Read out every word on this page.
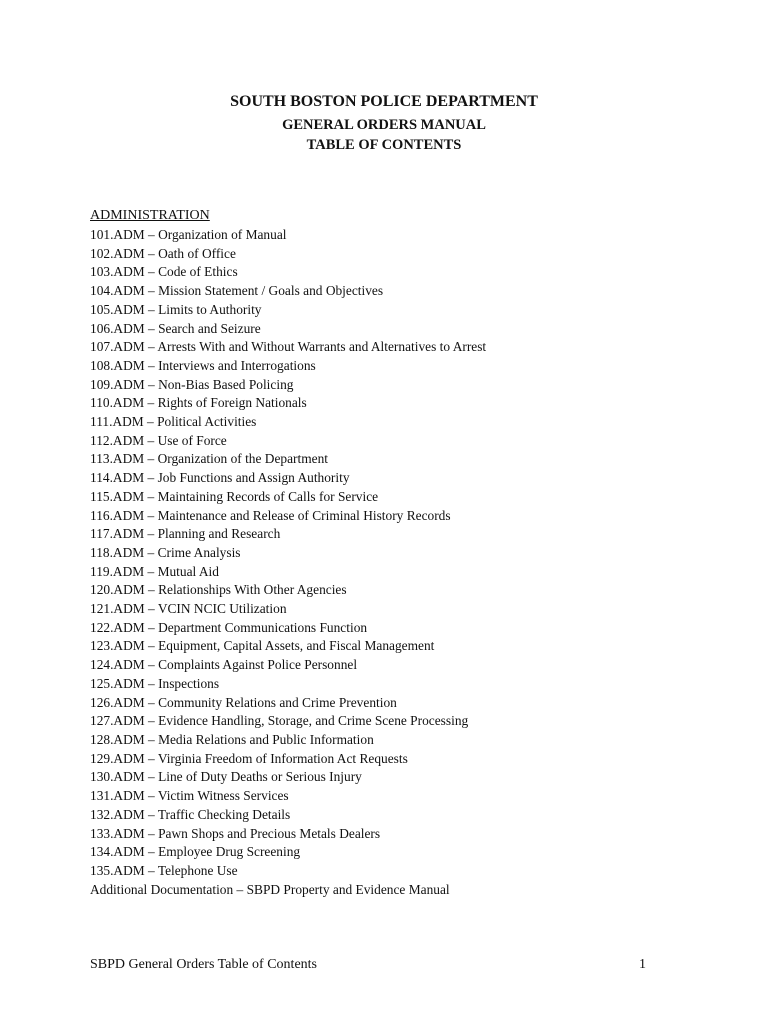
SOUTH BOSTON POLICE DEPARTMENT
GENERAL ORDERS MANUAL
TABLE OF CONTENTS
ADMINISTRATION
101.ADM – Organization of Manual
102.ADM – Oath of Office
103.ADM – Code of Ethics
104.ADM – Mission Statement / Goals and Objectives
105.ADM – Limits to Authority
106.ADM – Search and Seizure
107.ADM – Arrests With and Without Warrants and Alternatives to Arrest
108.ADM – Interviews and Interrogations
109.ADM – Non-Bias Based Policing
110.ADM – Rights of Foreign Nationals
111.ADM – Political Activities
112.ADM – Use of Force
113.ADM – Organization of the Department
114.ADM – Job Functions and Assign Authority
115.ADM – Maintaining Records of Calls for Service
116.ADM – Maintenance and Release of Criminal History Records
117.ADM – Planning and Research
118.ADM – Crime Analysis
119.ADM – Mutual Aid
120.ADM – Relationships With Other Agencies
121.ADM – VCIN NCIC Utilization
122.ADM – Department Communications Function
123.ADM – Equipment, Capital Assets, and Fiscal Management
124.ADM – Complaints Against Police Personnel
125.ADM – Inspections
126.ADM – Community Relations and Crime Prevention
127.ADM – Evidence Handling, Storage, and Crime Scene Processing
128.ADM – Media Relations and Public Information
129.ADM – Virginia Freedom of Information Act Requests
130.ADM – Line of Duty Deaths or Serious Injury
131.ADM – Victim Witness Services
132.ADM – Traffic Checking Details
133.ADM – Pawn Shops and Precious Metals Dealers
134.ADM – Employee Drug Screening
135.ADM – Telephone Use
Additional Documentation – SBPD Property and Evidence Manual
SBPD General Orders Table of Contents	1
